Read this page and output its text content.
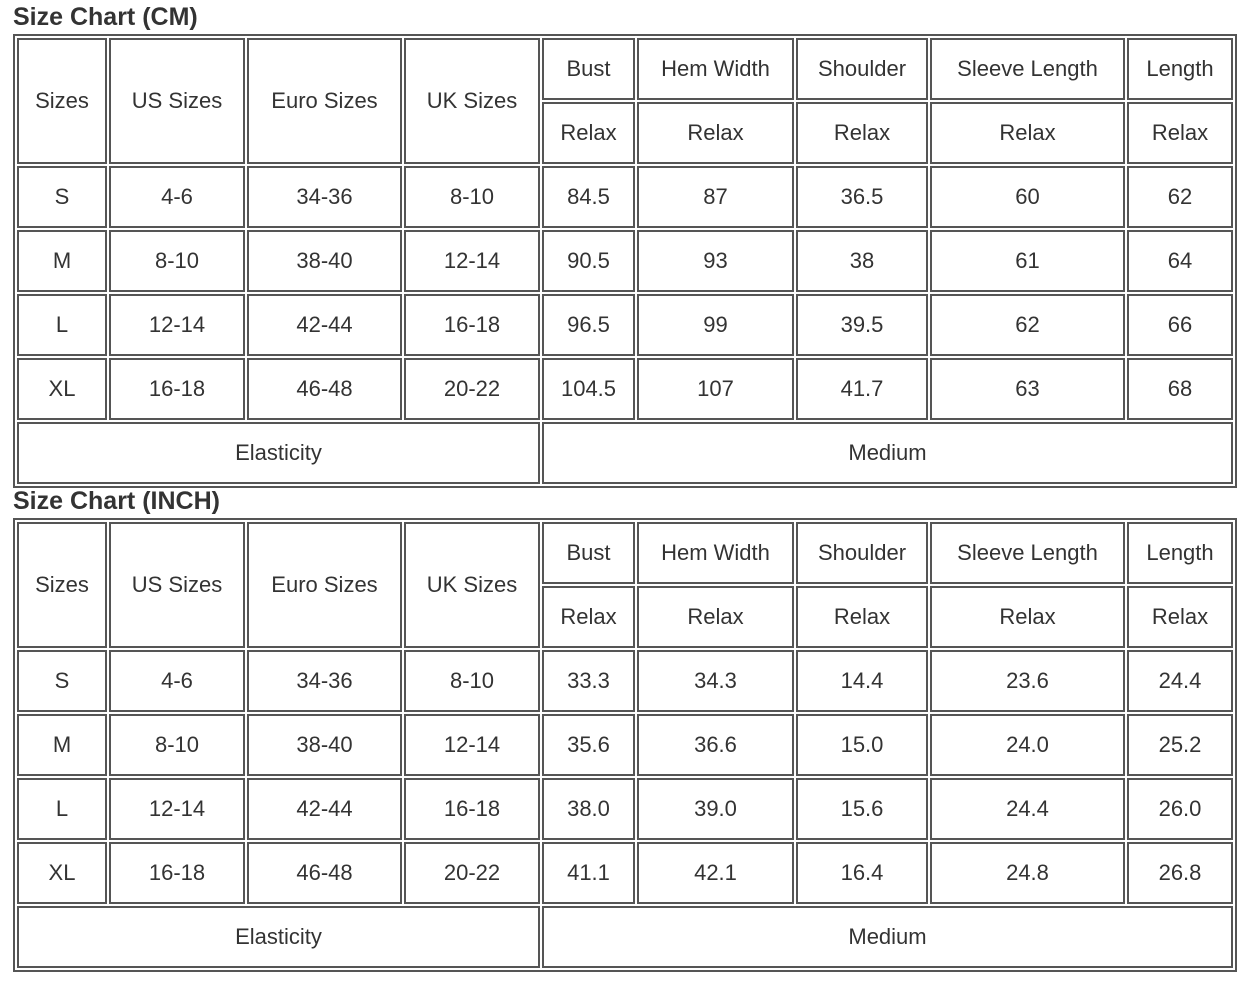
Size Chart (CM)
Sizes	US Sizes	Euro Sizes	UK Sizes	Bust	Hem Width	Shoulder	Sleeve Length	Length
				Relax	Relax	Relax	Relax	Relax
S	4-6	34-36	8-10	84.5	87	36.5	60	62
M	8-10	38-40	12-14	90.5	93	38	61	64
L	12-14	42-44	16-18	96.5	99	39.5	62	66
XL	16-18	46-48	20-22	104.5	107	41.7	63	68
Elasticity				Medium				
Size Chart (INCH)
Sizes	US Sizes	Euro Sizes	UK Sizes	Bust	Hem Width	Shoulder	Sleeve Length	Length
				Relax	Relax	Relax	Relax	Relax
S	4-6	34-36	8-10	33.3	34.3	14.4	23.6	24.4
M	8-10	38-40	12-14	35.6	36.6	15.0	24.0	25.2
L	12-14	42-44	16-18	38.0	39.0	15.6	24.4	26.0
XL	16-18	46-48	20-22	41.1	42.1	16.4	24.8	26.8
Elasticity				Medium				
